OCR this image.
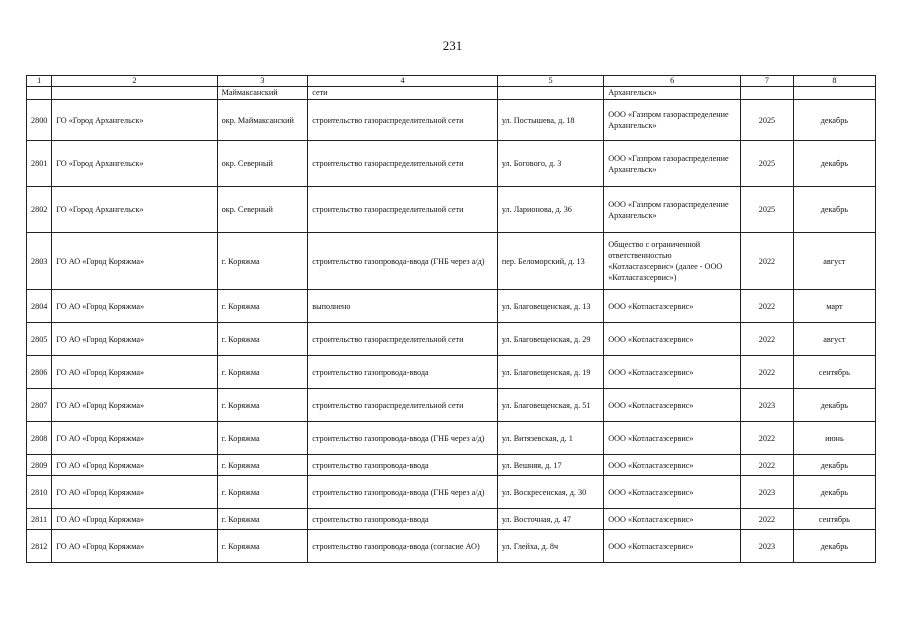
231
1	2	3	4	5	6	7	8
		Маймаксанский	сети		Архангельск»		
2800	ГО «Город Архангельск»	окр. Маймаксанский	строительство газораспределительной сети	ул. Постышева, д. 18	ООО «Газпром газораспределение Архангельск»	2025	декабрь
2801	ГО «Город Архангельск»	окр. Северный	строительство газораспределительной сети	ул. Богового, д. 3	ООО «Газпром газораспределение Архангельск»	2025	декабрь
2802	ГО «Город Архангельск»	окр. Северный	строительство газораспределительной сети	ул. Ларионова, д. 36	ООО «Газпром газораспределение Архангельск»	2025	декабрь
2803	ГО АО «Город Коряжма»	г. Коряжма	строительство газопровода-ввода (ГНБ через а/д)	пер. Беломорский, д. 13	Общество с ограниченной ответственностью «Котласгазсервис» (далее - ООО «Котласгазсервис»)	2022	август
2804	ГО АО «Город Коряжма»	г. Коряжма	выполнено	ул. Благовещенская, д. 13	ООО «Котласгазсервис»	2022	март
2805	ГО АО «Город Коряжма»	г. Коряжма	строительство газораспределительной сети	ул. Благовещенская, д. 29	ООО «Котласгазсервис»	2022	август
2806	ГО АО «Город Коряжма»	г. Коряжма	строительство газопровода-ввода	ул. Благовещенская, д. 19	ООО «Котласгазсервис»	2022	сентябрь
2807	ГО АО «Город Коряжма»	г. Коряжма	строительство газораспределительной сети	ул. Благовещенская, д. 51	ООО «Котласгазсервис»	2023	декабрь
2808	ГО АО «Город Коряжма»	г. Коряжма	строительство газопровода-ввода (ГНБ через а/д)	ул. Витязевская, д. 1	ООО «Котласгазсервис»	2022	июнь
2809	ГО АО «Город Коряжма»	г. Коряжма	строительство газопровода-ввода	ул. Вешняя, д. 17	ООО «Котласгазсервис»	2022	декабрь
2810	ГО АО «Город Коряжма»	г. Коряжма	строительство газопровода-ввода (ГНБ через а/д)	ул. Воскресенская, д. 30	ООО «Котласгазсервис»	2023	декабрь
2811	ГО АО «Город Коряжма»	г. Коряжма	строительство газопровода-ввода	ул. Восточная, д. 47	ООО «Котласгазсервис»	2022	сентябрь
2812	ГО АО «Город Коряжма»	г. Коряжма	строительство газопровода-ввода (согласие АО)	ул. Глейха, д. 8ч	ООО «Котласгазсервис»	2023	декабрь
